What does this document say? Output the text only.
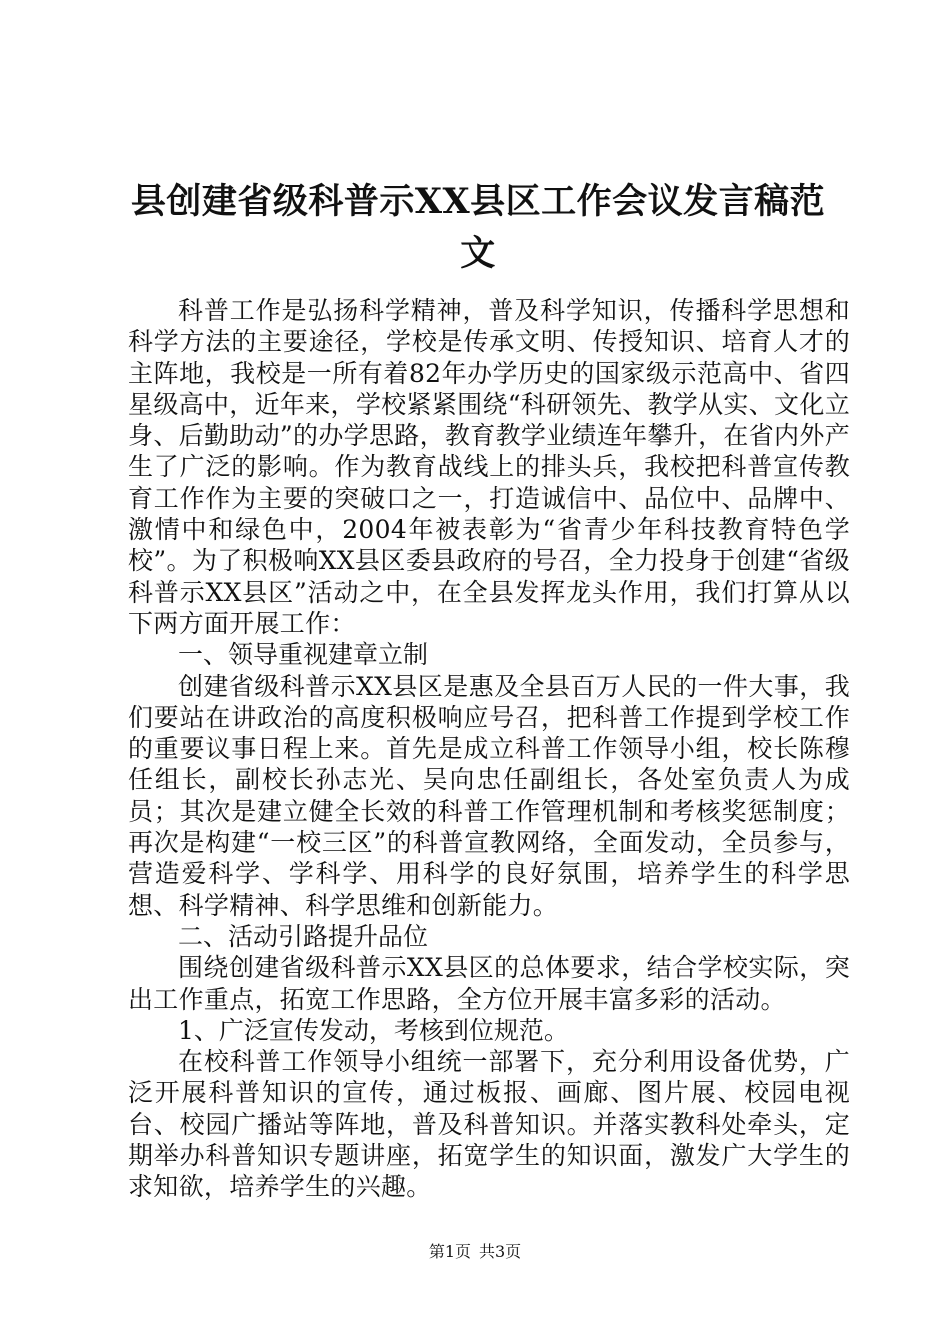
县创建省级科普示XX县区工作会议发言稿范文

科普工作是弘扬科学精神，普及科学知识，传播科学思想和科学方法的主要途径，学校是传承文明、传授知识、培育人才的主阵地，我校是一所有着82年办学历史的国家级示范高中、省四星级高中，近年来，学校紧紧围绕“科研领先、教学从实、文化立身、后勤助动”的办学思路，教育教学业绩连年攀升，在省内外产生了广泛的影响。作为教育战线上的排头兵，我校把科普宣传教育工作作为主要的突破口之一，打造诚信中、品位中、品牌中、激情中和绿色中，2004年被表彰为“省青少年科技教育特色学校”。为了积极响XX县区委县政府的号召，全力投身于创建“省级科普示XX县区”活动之中，在全县发挥龙头作用，我们打算从以下两方面开展工作：

一、领导重视建章立制

创建省级科普示XX县区是惠及全县百万人民的一件大事，我们要站在讲政治的高度积极响应号召，把科普工作提到学校工作的重要议事日程上来。首先是成立科普工作领导小组，校长陈穆任组长，副校长孙志光、吴向忠任副组长，各处室负责人为成员；其次是建立健全长效的科普工作管理机制和考核奖惩制度；再次是构建“一校三区”的科普宣教网络，全面发动，全员参与，营造爱科学、学科学、用科学的良好氛围，培养学生的科学思想、科学精神、科学思维和创新能力。

二、活动引路提升品位

围绕创建省级科普示XX县区的总体要求，结合学校实际，突出工作重点，拓宽工作思路，全方位开展丰富多彩的活动。

1、广泛宣传发动，考核到位规范。

在校科普工作领导小组统一部署下，充分利用设备优势，广泛开展科普知识的宣传，通过板报、画廊、图片展、校园电视台、校园广播站等阵地，普及科普知识。并落实教科处牵头，定期举办科普知识专题讲座，拓宽学生的知识面，激发广大学生的求知欲，培养学生的兴趣。

第1页 共3页
